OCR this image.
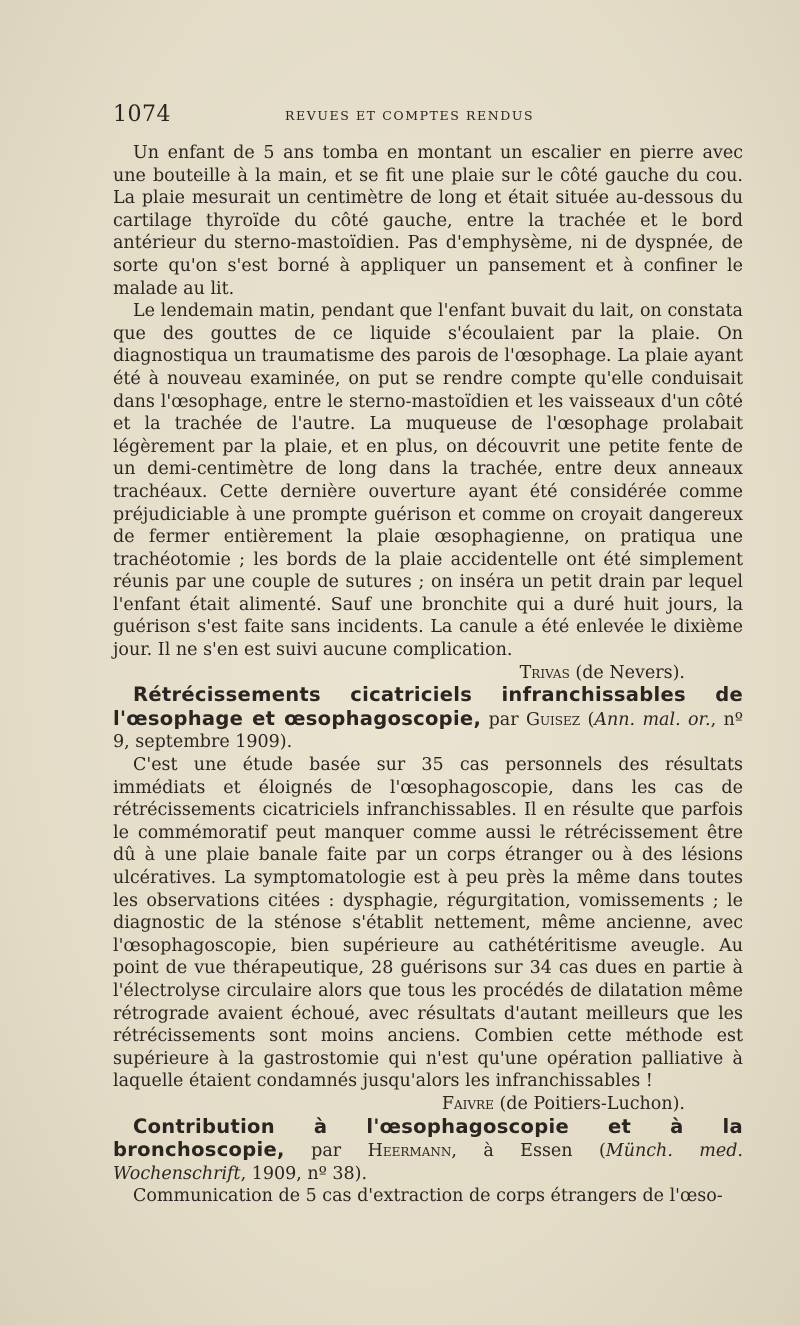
1074	REVUES ET COMPTES RENDUS

Un enfant de 5 ans tomba en montant un escalier en pierre avec une bouteille à la main, et se fit une plaie sur le côté gauche du cou. La plaie mesurait un centimètre de long et était située au-dessous du cartilage thyroïde du côté gauche, entre la trachée et le bord antérieur du sterno-mastoïdien. Pas d'emphysème, ni de dyspnée, de sorte qu'on s'est borné à appliquer un pansement et à confiner le malade au lit.

Le lendemain matin, pendant que l'enfant buvait du lait, on constata que des gouttes de ce liquide s'écoulaient par la plaie. On diagnostiqua un traumatisme des parois de l'œsophage. La plaie ayant été à nouveau examinée, on put se rendre compte qu'elle conduisait dans l'œsophage, entre le sterno-mastoïdien et les vaisseaux d'un côté et la trachée de l'autre. La muqueuse de l'œsophage prolabait légèrement par la plaie, et en plus, on découvrit une petite fente de un demi-centimètre de long dans la trachée, entre deux anneaux trachéaux. Cette dernière ouverture ayant été considérée comme préjudiciable à une prompte guérison et comme on croyait dangereux de fermer entièrement la plaie œsophagienne, on pratiqua une trachéotomie ; les bords de la plaie accidentelle ont été simplement réunis par une couple de sutures ; on inséra un petit drain par lequel l'enfant était alimenté. Sauf une bronchite qui a duré huit jours, la guérison s'est faite sans incidents. La canule a été enlevée le dixième jour. Il ne s'en est suivi aucune complication.

Trivas (de Nevers).

Rétrécissements cicatriciels infranchissables de l'œsophage et œsophagoscopie, par Guisez (Ann. mal. or., nº 9, septembre 1909).

C'est une étude basée sur 35 cas personnels des résultats immédiats et éloignés de l'œsophagoscopie, dans les cas de rétrécissements cicatriciels infranchissables. Il en résulte que parfois le commémoratif peut manquer comme aussi le rétrécissement être dû à une plaie banale faite par un corps étranger ou à des lésions ulcératives. La symptomatologie est à peu près la même dans toutes les observations citées : dysphagie, régurgitation, vomissements ; le diagnostic de la sténose s'établit nettement, même ancienne, avec l'œsophagoscopie, bien supérieure au cathétéritisme aveugle. Au point de vue thérapeutique, 28 guérisons sur 34 cas dues en partie à l'électrolyse circulaire alors que tous les procédés de dilatation même rétrograde avaient échoué, avec résultats d'autant meilleurs que les rétrécissements sont moins anciens. Combien cette méthode est supérieure à la gastrostomie qui n'est qu'une opération palliative à laquelle étaient condamnés jusqu'alors les infranchissables !

Faivre (de Poitiers-Luchon).

Contribution à l'œsophagoscopie et à la bronchoscopie, par Heermann, à Essen (Münch. med. Wochenschrift, 1909, nº 38).

Communication de 5 cas d'extraction de corps étrangers de l'œso-
